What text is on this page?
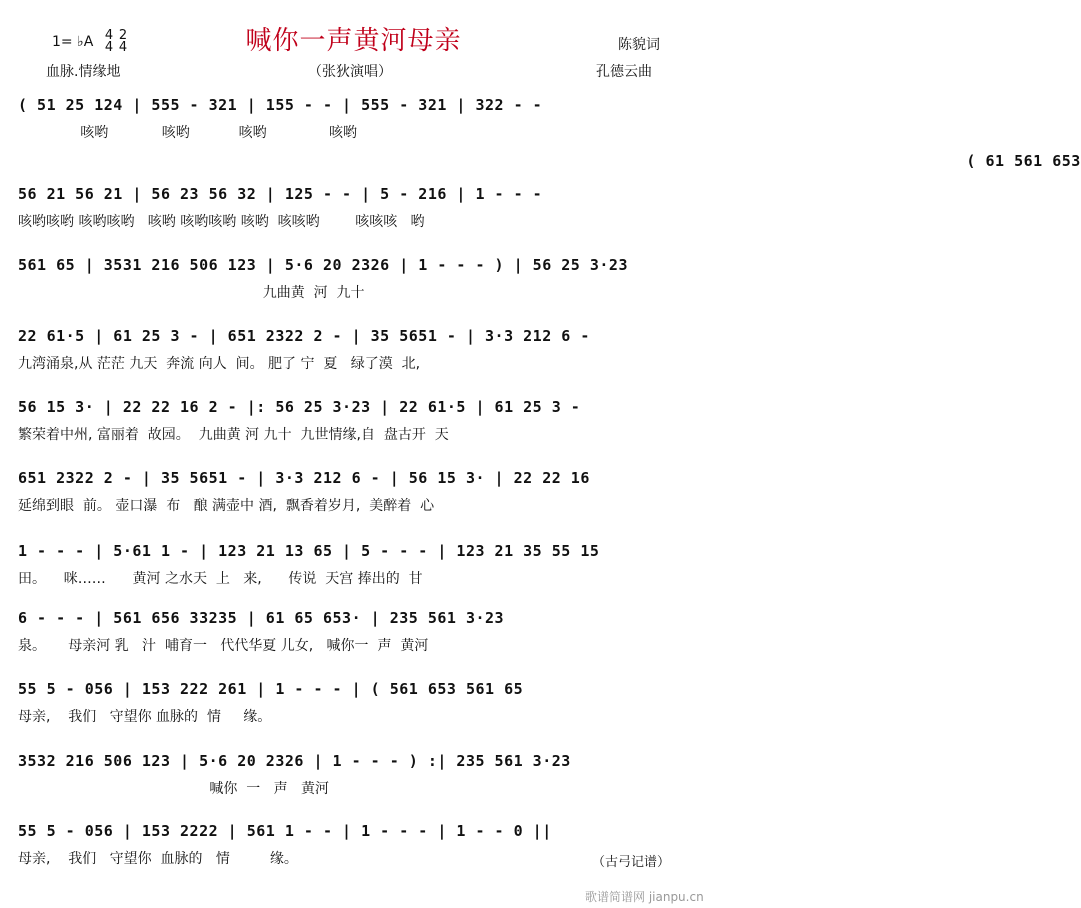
喊你一声黄河母亲
1= ♭A 4 2
4 4
血脉.情缘地	（张狄演唱）
陈貌词
孔德云曲
( 51 25 124 | 555 - 321 | 155 - - | 555 - 321 | 322 - -
咳哟            咳哟           咳哟              咳哟
( 61 561 653
56 21 56 21 | 56 23 56 32 | 125 - - | 5 - 216 | 1 - - -
咳哟咳哟 咳哟咳哟   咳哟 咳哟咳哟 咳哟  咳咳哟        咳咳咳   哟
561 65 | 3531 216 506 123 | 5·6 20 2326 | 1 - - - ) | 56 25 3·23
九曲黄  河  九十
22 61·5 | 61 25 3 - | 651 2322 2 - | 35 5651 - | 3·3 212 6 -
九湾涌泉,从 茫茫 九天  奔流 向人  间。 肥了 宁  夏   绿了漠  北,
56 15 3· | 22 22 16 2 - |: 56 25 3·23 | 22 61·5 | 61 25 3 -
繁荣着中州, 富丽着  故园。  九曲黄 河 九十  九世情缘,自  盘古开  天
651 2322 2 - | 35 5651 - | 3·3 212 6 - | 56 15 3· | 22 22 16
延绵到眼  前。 壶口瀑  布   酿 满壶中 酒,  飘香着岁月,  美醉着  心
1 - - - | 5·61 1 - | 123 21 13 65 | 5 - - - | 123 21 35 55 15
田。    咪……      黄河 之水天  上   来,      传说  天宫 捧出的  甘
6 - - - | 561 656 33235 | 61 65 653· | 235 561 3·23
泉。     母亲河 乳   汁  哺育一   代代华夏 儿女,   喊你一  声  黄河
55 5 - 056 | 153 222 261 | 1 - - - | ( 561 653 561 65
母亲,    我们   守望你 血脉的  情     缘。
3532 216 506 123 | 5·6 20 2326 | 1 - - - ) :| 235 561 3·23
喊你  一   声   黄河
55 5 - 056 | 153 2222 | 561 1 - - | 1 - - - | 1 - - 0 ||
母亲,    我们   守望你  血脉的   情         缘。	（古弓记谱）
歌谱简谱网 jianpu.cn
